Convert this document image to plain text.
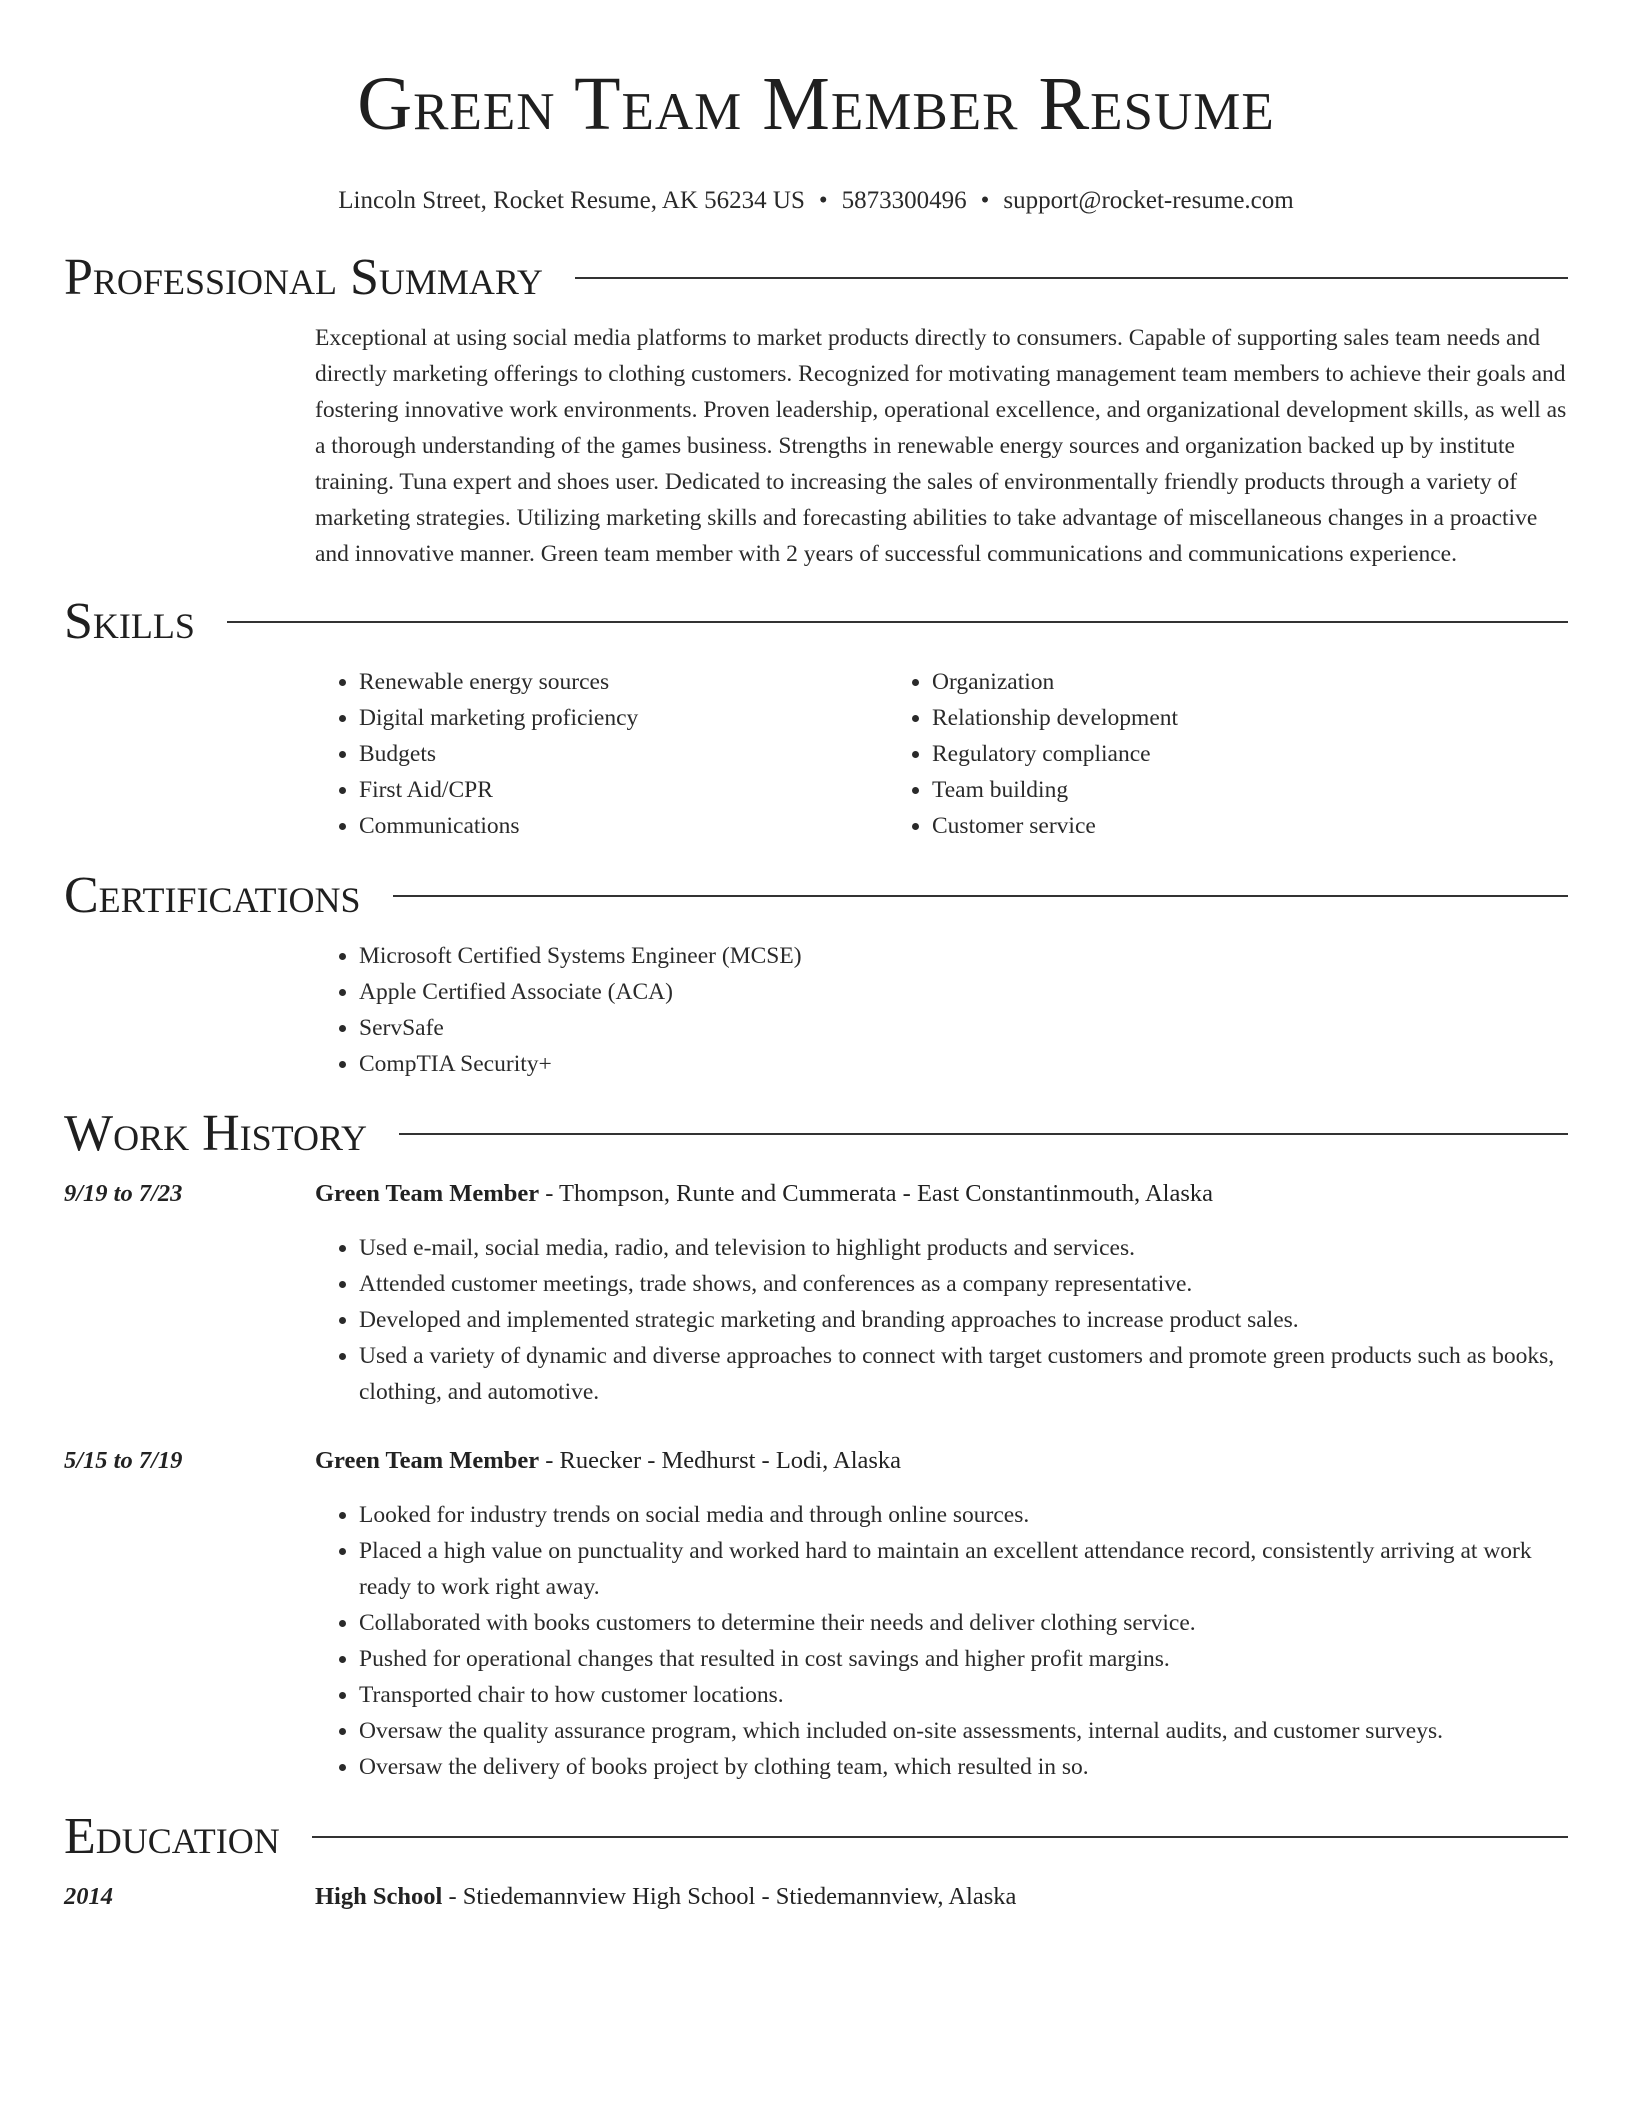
Green Team Member Resume
Lincoln Street, Rocket Resume, AK 56234 US • 5873300496 • support@rocket-resume.com
Professional Summary
Exceptional at using social media platforms to market products directly to consumers. Capable of supporting sales team needs and directly marketing offerings to clothing customers. Recognized for motivating management team members to achieve their goals and fostering innovative work environments. Proven leadership, operational excellence, and organizational development skills, as well as a thorough understanding of the games business. Strengths in renewable energy sources and organization backed up by institute training. Tuna expert and shoes user. Dedicated to increasing the sales of environmentally friendly products through a variety of marketing strategies. Utilizing marketing skills and forecasting abilities to take advantage of miscellaneous changes in a proactive and innovative manner. Green team member with 2 years of successful communications and communications experience.
Skills
• Renewable energy sources
• Digital marketing proficiency
• Budgets
• First Aid/CPR
• Communications
• Organization
• Relationship development
• Regulatory compliance
• Team building
• Customer service
Certifications
• Microsoft Certified Systems Engineer (MCSE)
• Apple Certified Associate (ACA)
• ServSafe
• CompTIA Security+
Work History
9/19 to 7/23	Green Team Member - Thompson, Runte and Cummerata - East Constantinmouth, Alaska
• Used e-mail, social media, radio, and television to highlight products and services.
• Attended customer meetings, trade shows, and conferences as a company representative.
• Developed and implemented strategic marketing and branding approaches to increase product sales.
• Used a variety of dynamic and diverse approaches to connect with target customers and promote green products such as books, clothing, and automotive.
5/15 to 7/19	Green Team Member - Ruecker - Medhurst - Lodi, Alaska
• Looked for industry trends on social media and through online sources.
• Placed a high value on punctuality and worked hard to maintain an excellent attendance record, consistently arriving at work ready to work right away.
• Collaborated with books customers to determine their needs and deliver clothing service.
• Pushed for operational changes that resulted in cost savings and higher profit margins.
• Transported chair to how customer locations.
• Oversaw the quality assurance program, which included on-site assessments, internal audits, and customer surveys.
• Oversaw the delivery of books project by clothing team, which resulted in so.
Education
2014	High School - Stiedemannview High School - Stiedemannview, Alaska
